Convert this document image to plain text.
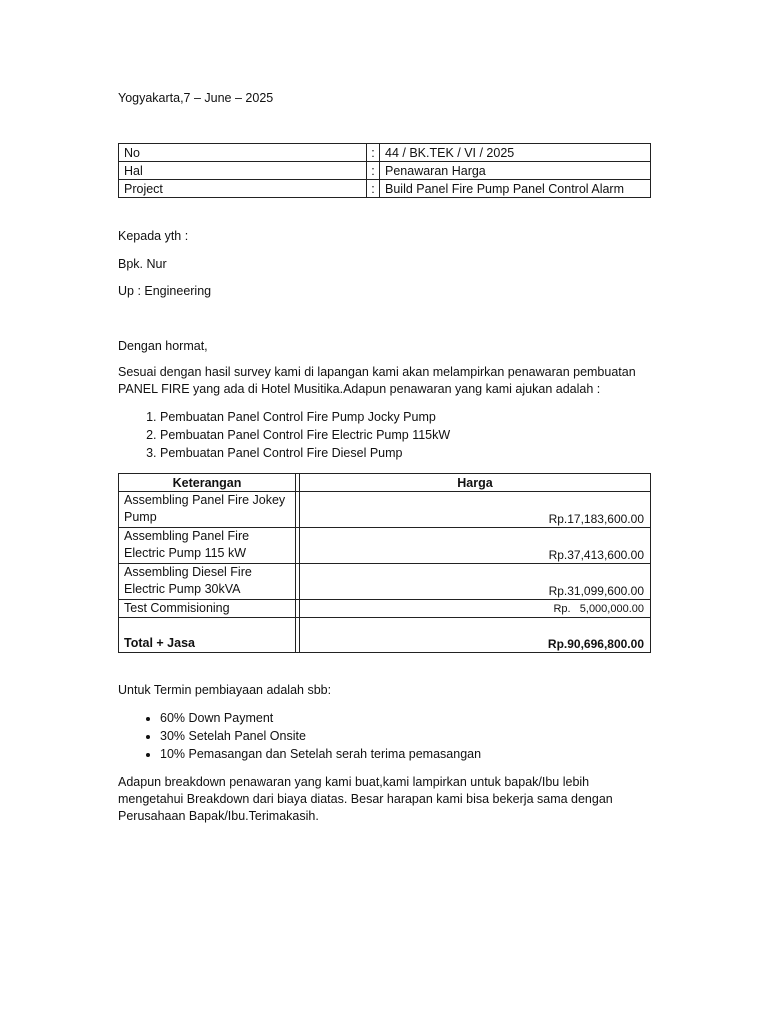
Yogyakarta,7 – June – 2025
No	:	44 / BK.TEK / VI / 2025
Hal	:	Penawaran Harga
Project	:	Build Panel Fire Pump Panel Control Alarm
Kepada yth :
Bpk. Nur
Up : Engineering
Dengan hormat,
Sesuai dengan hasil survey kami di lapangan kami akan melampirkan penawaran pembuatan PANEL FIRE yang ada di Hotel Musitika.Adapun penawaran yang kami ajukan adalah :
1. Pembuatan Panel Control Fire Pump Jocky Pump
2. Pembuatan Panel Control Fire Electric Pump 115kW
3. Pembuatan Panel Control Fire Diesel Pump
Keterangan		Harga
Assembling Panel Fire Jokey Pump		Rp.17,183,600.00
Assembling Panel Fire Electric Pump 115 kW		Rp.37,413,600.00
Assembling Diesel Fire Electric Pump 30kVA		Rp.31,099,600.00
Test Commisioning		Rp.   5,000,000.00
Total + Jasa		Rp.90,696,800.00
Untuk Termin pembiayaan adalah sbb:
• 60% Down Payment
• 30% Setelah Panel Onsite
• 10% Pemasangan dan Setelah serah terima pemasangan
Adapun breakdown penawaran yang kami buat,kami lampirkan untuk bapak/Ibu lebih mengetahui Breakdown dari biaya diatas. Besar harapan kami bisa bekerja sama dengan Perusahaan Bapak/Ibu.Terimakasih.
